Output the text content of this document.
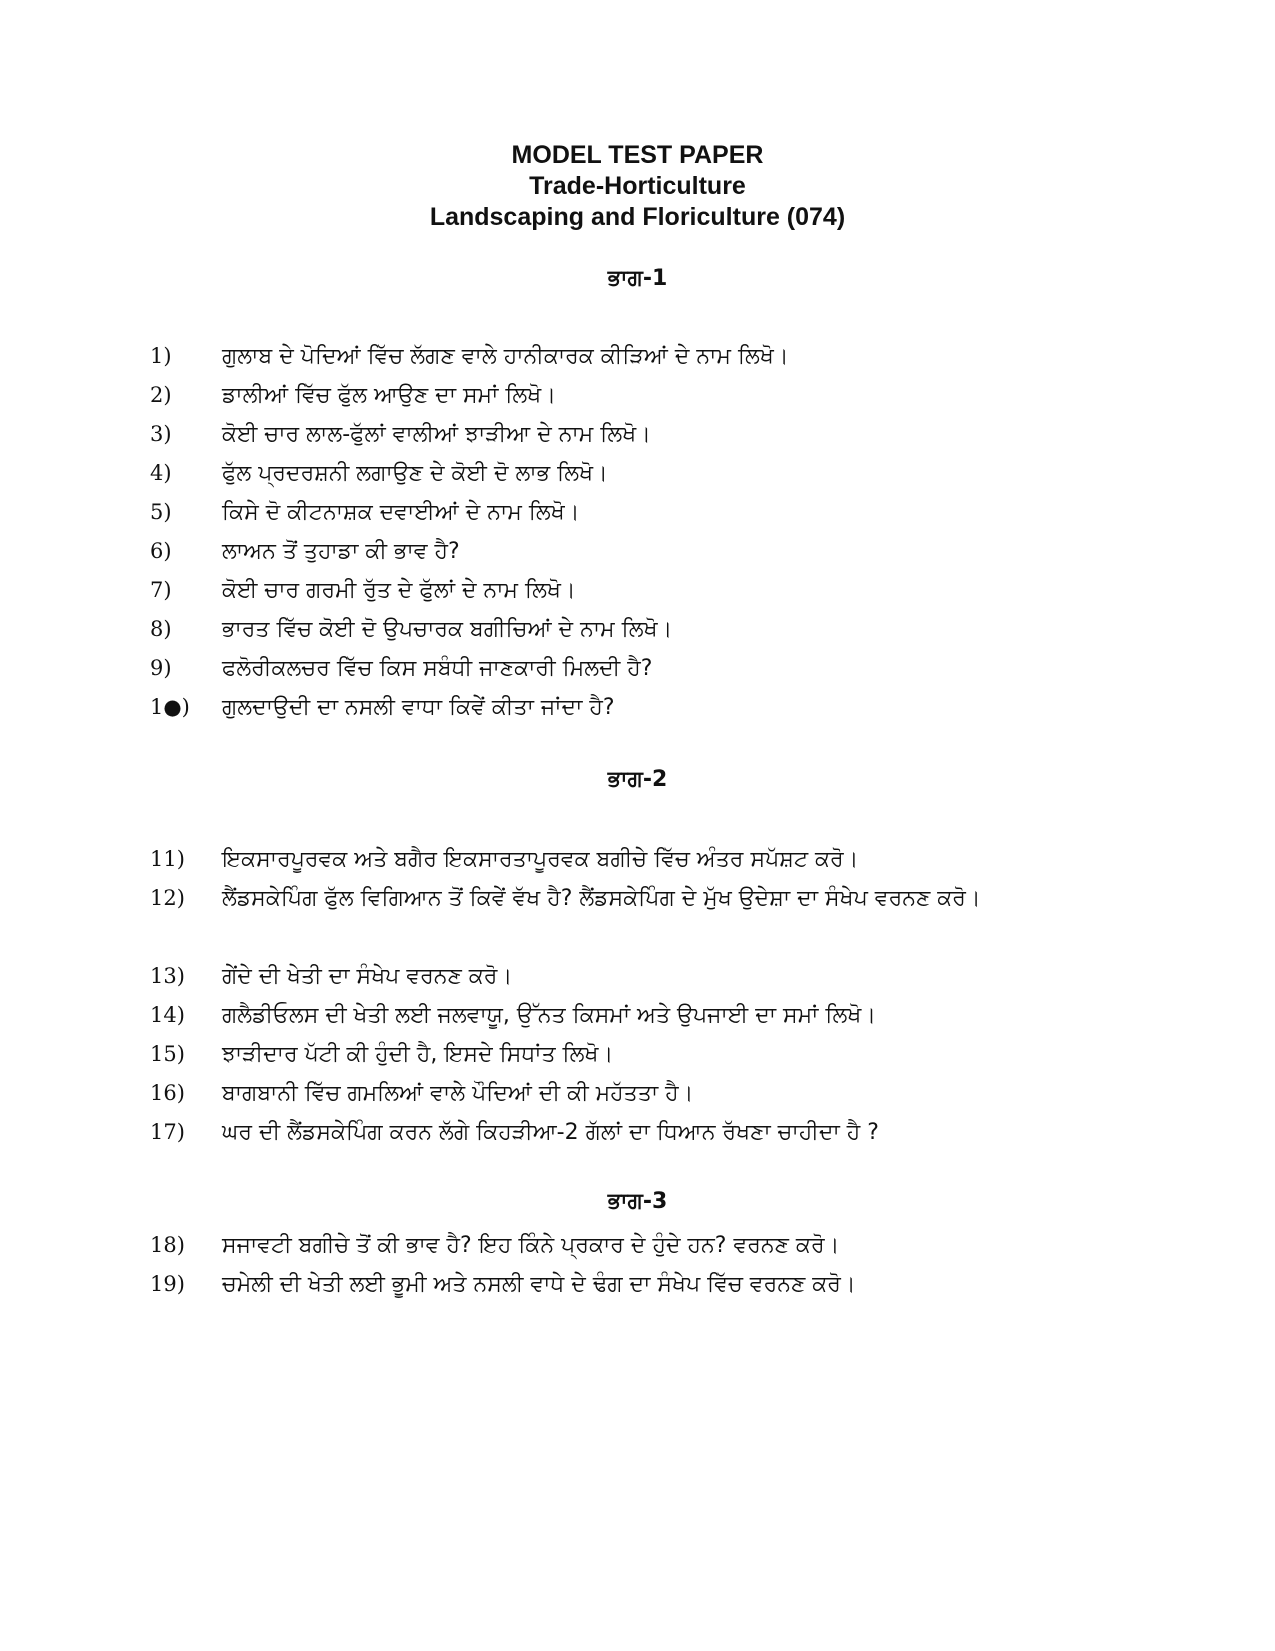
MODEL TEST PAPER
Trade-Horticulture
Landscaping and Floriculture (074)
ਭਾਗ-1
1)	ਗੁਲਾਬ ਦੇ ਪੋਦਿਆਂ ਵਿੱਚ ਲੱਗਣ ਵਾਲੇ ਹਾਨੀਕਾਰਕ ਕੀੜਿਆਂ ਦੇ ਨਾਮ ਲਿਖੋ।
2)	ਡਾਲੀਆਂ ਵਿੱਚ ਫੁੱਲ ਆਉਣ ਦਾ ਸਮਾਂ ਲਿਖੋ।
3)	ਕੋਈ ਚਾਰ ਲਾਲ-ਫੁੱਲਾਂ ਵਾਲੀਆਂ ਝਾੜੀਆ ਦੇ ਨਾਮ ਲਿਖੋ।
4)	ਫੁੱਲ ਪ੍ਰਦਰਸ਼ਨੀ ਲਗਾਉਣ ਦੇ ਕੋਈ ਦੋ ਲਾਭ ਲਿਖੋ।
5)	ਕਿਸੇ ਦੋ ਕੀਟਨਾਸ਼ਕ ਦਵਾਈਆਂ ਦੇ ਨਾਮ ਲਿਖੋ।
6)	ਲਾਅਨ ਤੋਂ ਤੁਹਾਡਾ ਕੀ ਭਾਵ ਹੈ?
7)	ਕੋਈ ਚਾਰ ਗਰਮੀ ਰੁੱਤ ਦੇ ਫੁੱਲਾਂ ਦੇ ਨਾਮ ਲਿਖੋ।
8)	ਭਾਰਤ ਵਿੱਚ ਕੋਈ ਦੋ ਉਪਚਾਰਕ ਬਗੀਚਿਆਂ ਦੇ ਨਾਮ ਲਿਖੋ।
9)	ਫਲੋਰੀਕਲਚਰ ਵਿੱਚ ਕਿਸ ਸਬੰਧੀ ਜਾਣਕਾਰੀ ਮਿਲਦੀ ਹੈ?
1●)	ਗੁਲਦਾਉਦੀ ਦਾ ਨਸਲੀ ਵਾਧਾ ਕਿਵੇਂ ਕੀਤਾ ਜਾਂਦਾ ਹੈ?
ਭਾਗ-2
11)	ਇਕਸਾਰਪੂਰਵਕ ਅਤੇ ਬਗੈਰ ਇਕਸਾਰਤਾਪੂਰਵਕ ਬਗੀਚੇ ਵਿੱਚ ਅੰਤਰ ਸਪੱਸ਼ਟ ਕਰੋ।
12)	ਲੈਂਡਸਕੇਪਿੰਗ ਫੁੱਲ ਵਿਗਿਆਨ ਤੋਂ ਕਿਵੇਂ ਵੱਖ ਹੈ? ਲੈਂਡਸਕੇਪਿੰਗ ਦੇ ਮੁੱਖ ਉਦੇਸ਼ਾ ਦਾ ਸੰਖੇਪ ਵਰਨਣ ਕਰੋ।
13)	ਗੇਂਦੇ ਦੀ ਖੇਤੀ ਦਾ ਸੰਖੇਪ ਵਰਨਣ ਕਰੋ।
14)	ਗਲੈਡੀਓਲਸ ਦੀ ਖੇਤੀ ਲਈ ਜਲਵਾਯੂ, ਉੱਨਤ ਕਿਸਮਾਂ ਅਤੇ ਉਪਜਾਈ ਦਾ ਸਮਾਂ ਲਿਖੋ।
15)	ਝਾੜੀਦਾਰ ਪੱਟੀ ਕੀ ਹੁੰਦੀ ਹੈ, ਇਸਦੇ ਸਿਧਾਂਤ ਲਿਖੋ।
16)	ਬਾਗਬਾਨੀ ਵਿੱਚ ਗਮਲਿਆਂ ਵਾਲੇ ਪੌਦਿਆਂ ਦੀ ਕੀ ਮਹੱਤਤਾ ਹੈ।
17)	ਘਰ ਦੀ ਲੈਂਡਸਕੇਪਿੰਗ ਕਰਨ ਲੱਗੇ ਕਿਹੜੀਆ-2 ਗੱਲਾਂ ਦਾ ਧਿਆਨ ਰੱਖਣਾ ਚਾਹੀਦਾ ਹੈ ?
ਭਾਗ-3
18)	ਸਜਾਵਟੀ ਬਗੀਚੇ ਤੋਂ ਕੀ ਭਾਵ ਹੈ? ਇਹ ਕਿੰਨੇ ਪ੍ਰਕਾਰ ਦੇ ਹੁੰਦੇ ਹਨ? ਵਰਨਣ ਕਰੋ।
19)	ਚਮੇਲੀ ਦੀ ਖੇਤੀ ਲਈ ਭੂਮੀ ਅਤੇ ਨਸਲੀ ਵਾਧੇ ਦੇ ਢੰਗ ਦਾ ਸੰਖੇਪ ਵਿੱਚ ਵਰਨਣ ਕਰੋ।
